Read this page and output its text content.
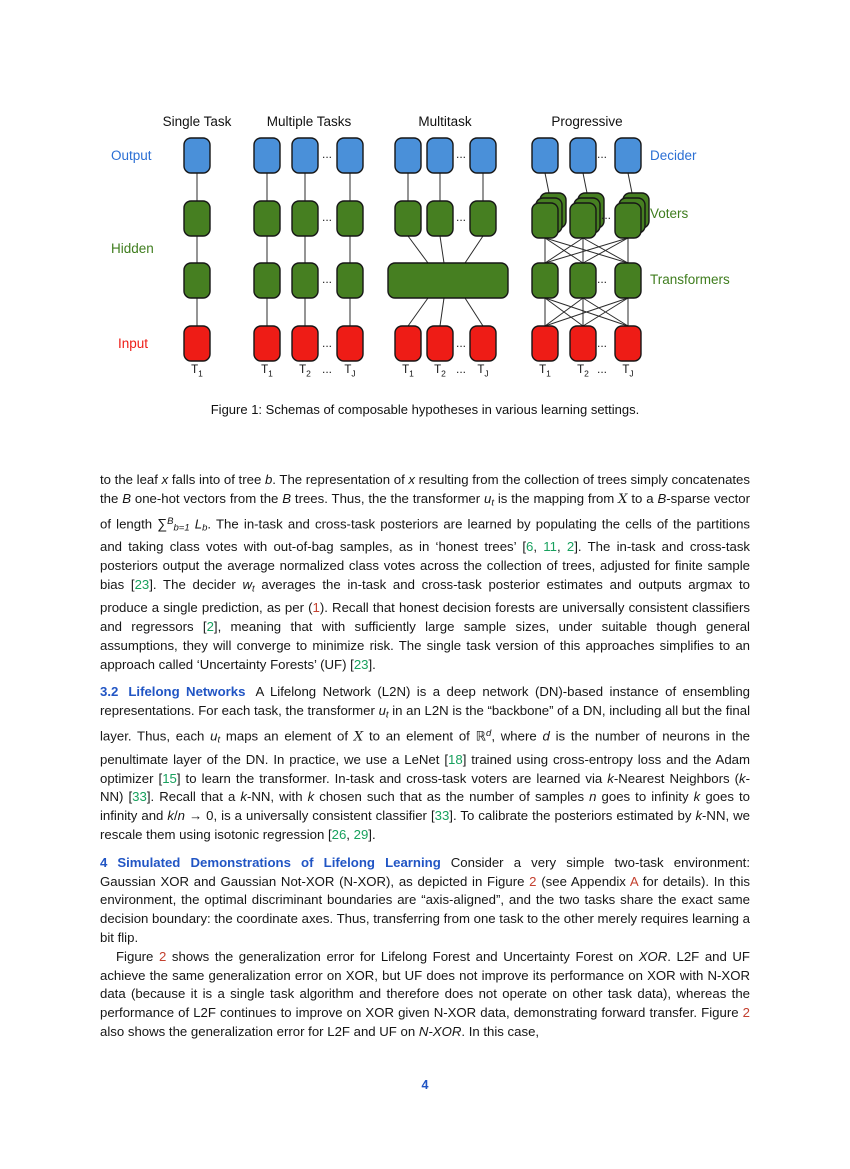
Single Task	Multiple Tasks	Multitask	Progressive
Output
Hidden
Input
Decider
Voters
Transformers
...
...
...
...
...
...
...
...
...
...
...
...
...
...
$T_1$	$T_1$ $T_2$	$T_J$	$T_1$ $T_2$	$T_J$	$T_1$ $T_2$	$T_J$
Figure 1: Schemas of composable hypotheses in various learning settings.

to the leaf x falls into of tree b. The representation of x resulting from the collection of trees simply concatenates the B one-hot vectors from the B trees. Thus, the the transformer $u_t$ is the mapping from X to a B-sparse vector of length ∑$^B_{b=1}$ $L_b$. The in-task and cross-task posteriors are learned by populating the cells of the partitions and taking class votes with out-of-bag samples, as in ‘honest trees’ [6, 11, 2]. The in-task and cross-task posteriors output the average normalized class votes across the collection of trees, adjusted for finite sample bias [23]. The decider $w_t$ averages the in-task and cross-task posterior estimates and outputs argmax to produce a single prediction, as per (1). Recall that honest decision forests are universally consistent classifiers and regressors [2], meaning that with sufficiently large sample sizes, under suitable though general assumptions, they will converge to minimize risk. The single task version of this approaches simplifies to an approach called ‘Uncertainty Forests’ (UF) [23].

3.2 Lifelong Networks A Lifelong Network (L2N) is a deep network (DN)-based instance of ensembling representations. For each task, the transformer $u_t$ in an L2N is the “backbone” of a DN, including all but the final layer. Thus, each $u_t$ maps an element of X to an element of ℝ$^d$, where d is the number of neurons in the penultimate layer of the DN. In practice, we use a LeNet [18] trained using cross-entropy loss and the Adam optimizer [15] to learn the transformer. In-task and cross-task voters are learned via k-Nearest Neighbors (k-NN) [33]. Recall that a k-NN, with k chosen such that as the number of samples n goes to infinity k goes to infinity and k/n → 0, is a universally consistent classifier [33]. To calibrate the posteriors estimated by k-NN, we rescale them using isotonic regression [26, 29].

4 Simulated Demonstrations of Lifelong Learning Consider a very simple two-task environment: Gaussian XOR and Gaussian Not-XOR (N-XOR), as depicted in Figure 2 (see Appendix A for details). In this environment, the optimal discriminant boundaries are “axis-aligned”, and the two tasks share the exact same decision boundary: the coordinate axes. Thus, transferring from one task to the other merely requires learning a bit flip.

Figure 2 shows the generalization error for Lifelong Forest and Uncertainty Forest on XOR. L2F and UF achieve the same generalization error on XOR, but UF does not improve its performance on XOR with N-XOR data (because it is a single task algorithm and therefore does not operate on other task data), whereas the performance of L2F continues to improve on XOR given N-XOR data, demonstrating forward transfer. Figure 2 also shows the generalization error for L2F and UF on N-XOR. In this case,

4
